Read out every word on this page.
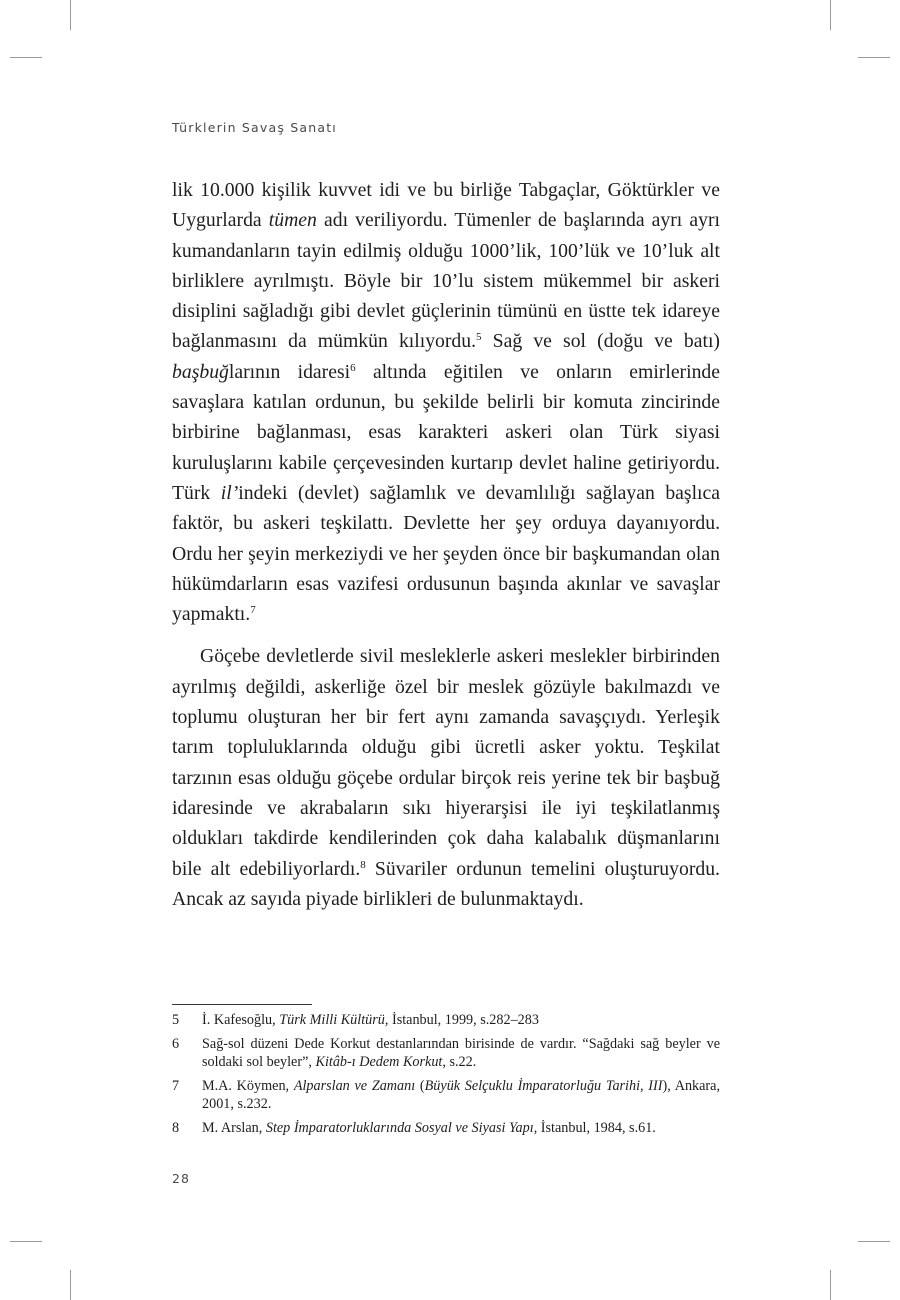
Türklerin Savaş Sanatı

lik 10.000 kişilik kuvvet idi ve bu birliğe Tabgaçlar, Göktürkler ve Uygurlarda tümen adı veriliyordu. Tümenler de başlarında ayrı ayrı kumandanların tayin edilmiş olduğu 1000’lik, 100’lük ve 10’luk alt birliklere ayrılmıştı. Böyle bir 10’lu sistem mükemmel bir askeri disiplini sağladığı gibi devlet güçlerinin tümünü en üstte tek idareye bağlanmasını da mümkün kılıyordu.$^5$ Sağ ve sol (doğu ve batı) başbuğlarının idaresi$^6$ altında eğitilen ve onların emirlerinde savaşlara katılan ordunun, bu şekilde belirli bir komuta zincirinde birbirine bağlanması, esas karakteri askeri olan Türk siyasi kuruluşlarını kabile çerçevesinden kurtarıp devlet haline getiriyordu. Türk il’indeki (devlet) sağlamlık ve devamlılığı sağlayan başlıca faktör, bu askeri teşkilattı. Devlette her şey orduya dayanıyordu. Ordu her şeyin merkeziydi ve her şeyden önce bir başkumandan olan hükümdarların esas vazifesi ordusunun başında akınlar ve savaşlar yapmaktı.$^7$

Göçebe devletlerde sivil mesleklerle askeri meslekler birbirinden ayrılmış değildi, askerliğe özel bir meslek gözüyle bakılmazdı ve toplumu oluşturan her bir fert aynı zamanda savaşçıydı. Yerleşik tarım topluluklarında olduğu gibi ücretli asker yoktu. Teşkilat tarzının esas olduğu göçebe ordular birçok reis yerine tek bir başbuğ idaresinde ve akrabaların sıkı hiyerarşisi ile iyi teşkilatlanmış oldukları takdirde kendilerinden çok daha kalabalık düşmanlarını bile alt edebiliyorlardı.$^8$ Süvariler ordunun temelini oluşturuyordu. Ancak az sayıda piyade birlikleri de bulunmaktaydı.

5	İ. Kafesoğlu, Türk Milli Kültürü, İstanbul, 1999, s.282–283
6	Sağ-sol düzeni Dede Korkut destanlarından birisinde de vardır. “Sağdaki sağ beyler ve soldaki sol beyler”, Kitâb-ı Dedem Korkut, s.22.
7	M.A. Köymen, Alparslan ve Zamanı (Büyük Selçuklu İmparatorluğu Tarihi, III), Ankara, 2001, s.232.
8	M. Arslan, Step İmparatorluklarında Sosyal ve Siyasi Yapı, İstanbul, 1984, s.61.
28
